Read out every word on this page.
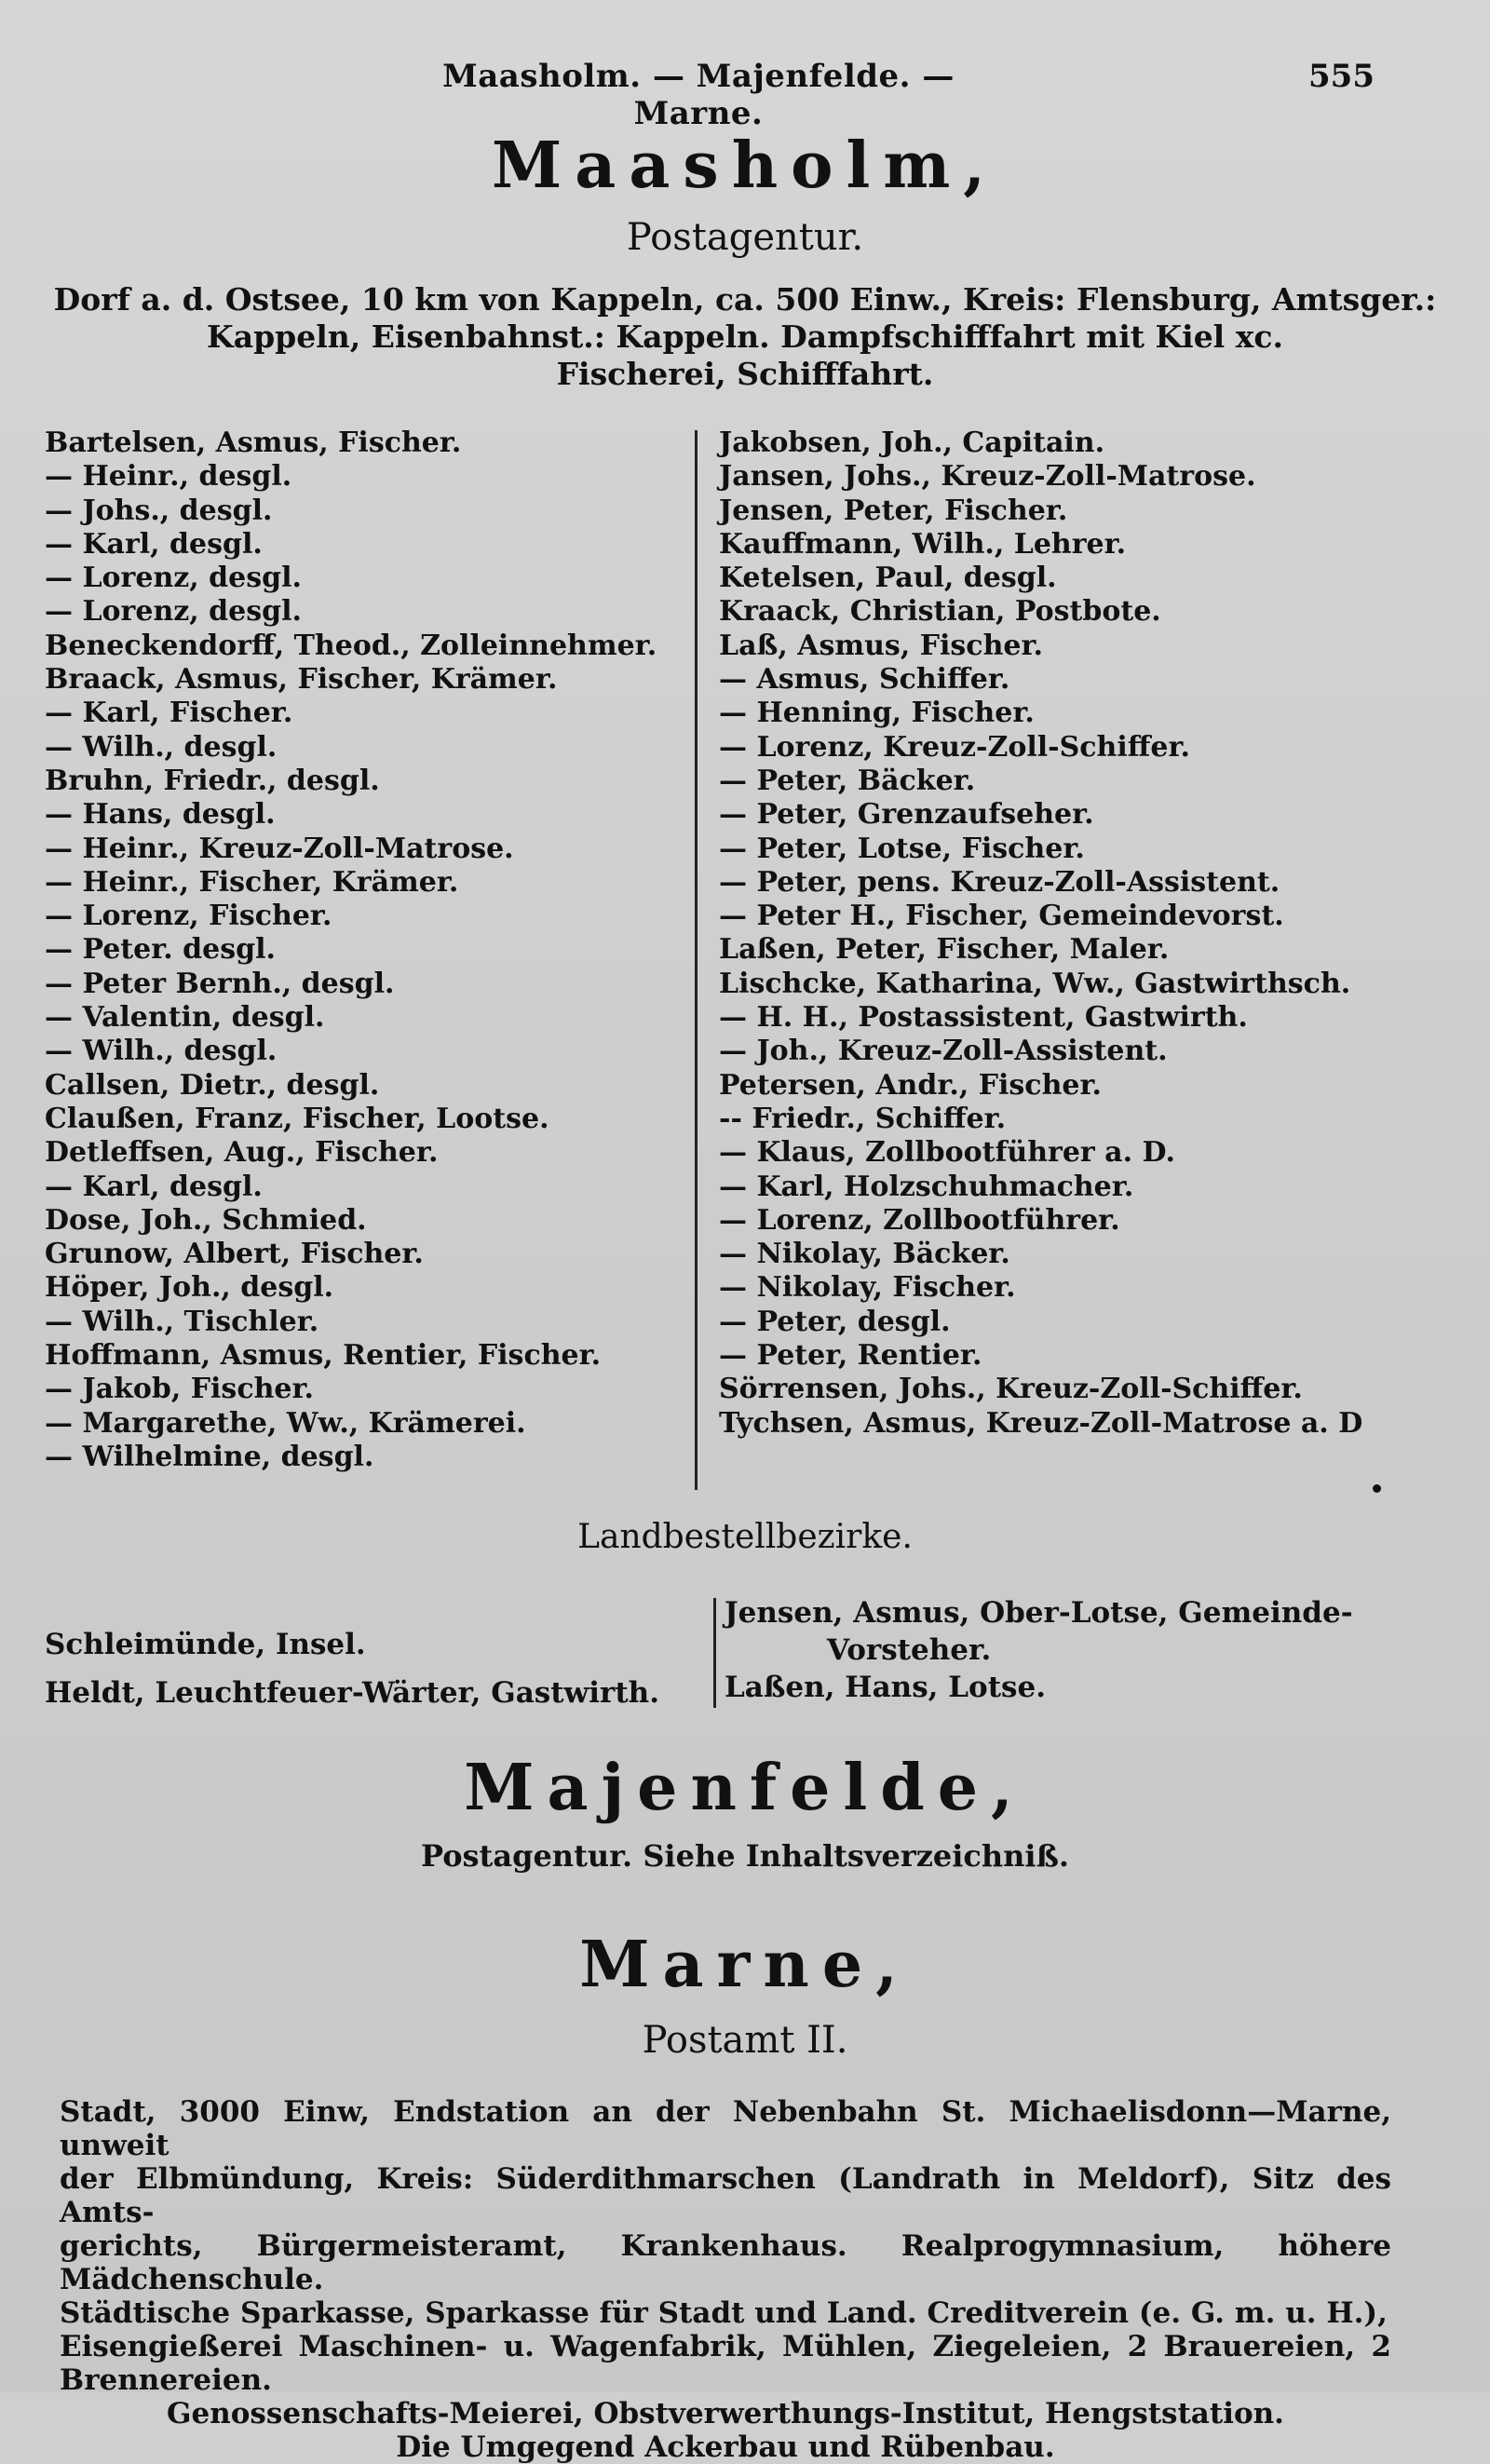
Maasholm. — Majenfelde. — Marne.
555
Maasholm,
Postagentur.
Dorf a. d. Ostsee, 10 km von Kappeln, ca. 500 Einw., Kreis: Flensburg, Amtsger.:
Kappeln, Eisenbahnst.: Kappeln. Dampfschifffahrt mit Kiel xc.
Fischerei, Schifffahrt.
Bartelsen, Asmus, Fischer.
— Heinr., desgl.
— Johs., desgl.
— Karl, desgl.
— Lorenz, desgl.
— Lorenz, desgl.
Beneckendorff, Theod., Zolleinnehmer.
Braack, Asmus, Fischer, Krämer.
— Karl, Fischer.
— Wilh., desgl.
Bruhn, Friedr., desgl.
— Hans, desgl.
— Heinr., Kreuz-Zoll-Matrose.
— Heinr., Fischer, Krämer.
— Lorenz, Fischer.
— Peter. desgl.
— Peter Bernh., desgl.
— Valentin, desgl.
— Wilh., desgl.
Callsen, Dietr., desgl.
Claußen, Franz, Fischer, Lootse.
Detleffsen, Aug., Fischer.
— Karl, desgl.
Dose, Joh., Schmied.
Grunow, Albert, Fischer.
Höper, Joh., desgl.
— Wilh., Tischler.
Hoffmann, Asmus, Rentier, Fischer.
— Jakob, Fischer.
— Margarethe, Ww., Krämerei.
— Wilhelmine, desgl.
Jakobsen, Joh., Capitain.
Jansen, Johs., Kreuz-Zoll-Matrose.
Jensen, Peter, Fischer.
Kauffmann, Wilh., Lehrer.
Ketelsen, Paul, desgl.
Kraack, Christian, Postbote.
Laß, Asmus, Fischer.
— Asmus, Schiffer.
— Henning, Fischer.
— Lorenz, Kreuz-Zoll-Schiffer.
— Peter, Bäcker.
— Peter, Grenzaufseher.
— Peter, Lotse, Fischer.
— Peter, pens. Kreuz-Zoll-Assistent.
— Peter H., Fischer, Gemeindevorst.
Laßen, Peter, Fischer, Maler.
Lischcke, Katharina, Ww., Gastwirthsch.
— H. H., Postassistent, Gastwirth.
— Joh., Kreuz-Zoll-Assistent.
Petersen, Andr., Fischer.
-- Friedr., Schiffer.
— Klaus, Zollbootführer a. D.
— Karl, Holzschuhmacher.
— Lorenz, Zollbootführer.
— Nikolay, Bäcker.
— Nikolay, Fischer.
— Peter, desgl.
— Peter, Rentier.
Sörrensen, Johs., Kreuz-Zoll-Schiffer.
Tychsen, Asmus, Kreuz-Zoll-Matrose a. D
Landbestellbezirke.
Schleimünde, Insel.
Heldt, Leuchtfeuer-Wärter, Gastwirth.
Jensen, Asmus, Ober-Lotse, Gemeinde-
Vorsteher.
Laßen, Hans, Lotse.
Majenfelde,
Postagentur. Siehe Inhaltsverzeichniß.
Marne,
Postamt II.
Stadt, 3000 Einw, Endstation an der Nebenbahn St. Michaelisdonn—Marne, unweit
der Elbmündung, Kreis: Süderdithmarschen (Landrath in Meldorf), Sitz des Amts-
gerichts, Bürgermeisteramt, Krankenhaus. Realprogymnasium, höhere Mädchenschule.
Städtische Sparkasse, Sparkasse für Stadt und Land. Creditverein (e. G. m. u. H.),
Eisengießerei Maschinen- u. Wagenfabrik, Mühlen, Ziegeleien, 2 Brauereien, 2 Brennereien.
Genossenschafts-Meierei, Obstverwerthungs-Institut, Hengststation.
Die Umgegend Ackerbau und Rübenbau.
